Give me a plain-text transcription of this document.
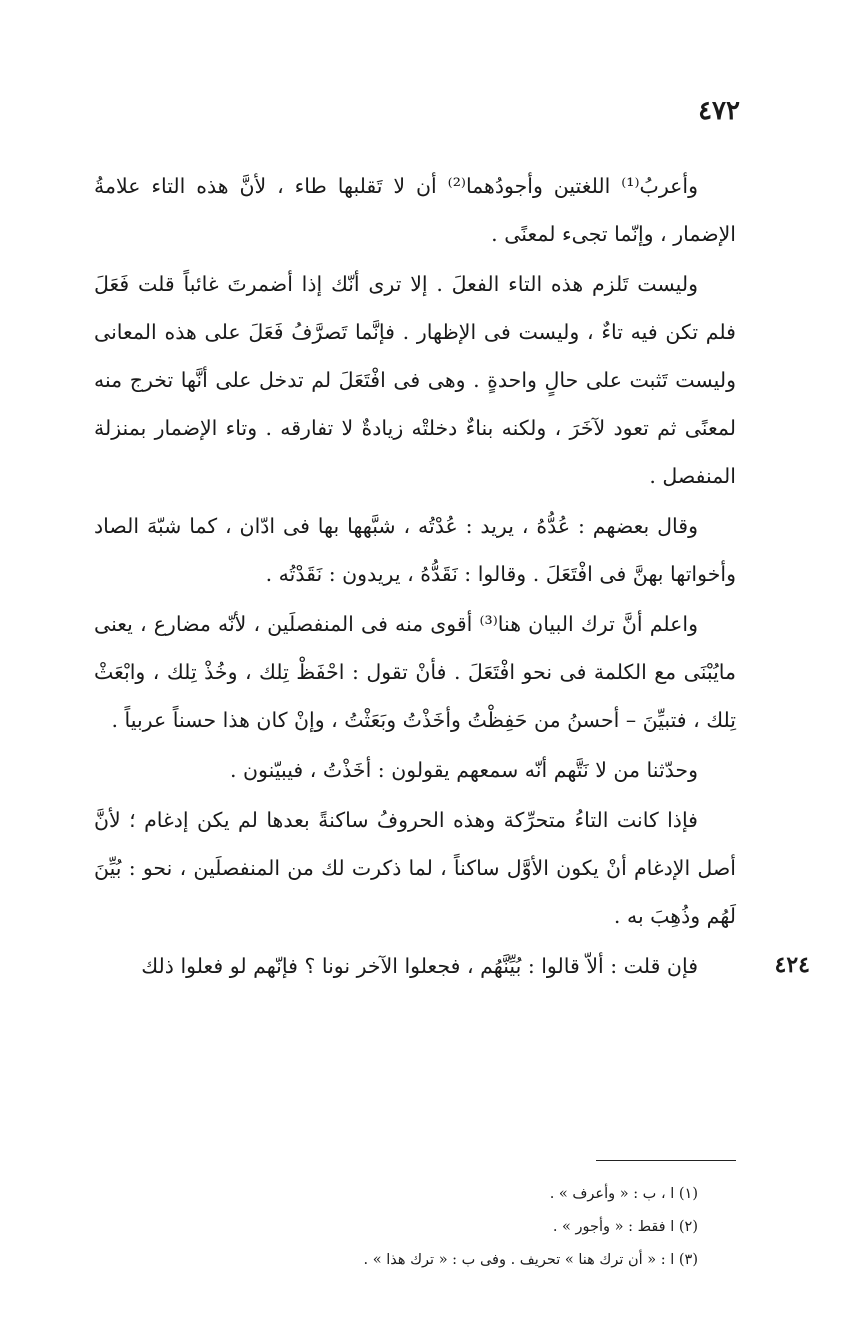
٤٧٢

وأعربُ⁽¹⁾ اللغتين وأجودُهما⁽²⁾ أن لا تَقلبها طاء ، لأنَّ هذه التاء علامةُ الإضمار ، وإنّما تجىء لمعنًى .

وليست تَلزم هذه التاء الفعلَ . إلا ترى أنّك إذا أضمرتَ غائباً قلت فَعَلَ فلم تكن فيه تاءٌ ، وليست فى الإظهار . فإنَّما تَصرَّفُ فَعَلَ على هذه المعانى وليست تَثبت على حالٍ واحدةٍ . وهى فى افْتَعَلَ لم تدخل على أنَّها تخرج منه لمعنًى ثم تعود لآخَرَ ، ولكنه بناءٌ دخلتْه زيادةٌ لا تفارقه . وتاء الإضمار بمنزلة المنفصل .

وقال بعضهم : عُدُّهُ ، يريد : عُدْتُه ، شبَّهها بها فى ادّان ، كما شبّهَ الصاد وأخواتها بهنَّ فى افْتَعَلَ . وقالوا : نَقَدُّهُ ، يريدون : نَقَدْتُه .

واعلم أنَّ ترك البيان هنا⁽³⁾ أقوى منه فى المنفصلَين ، لأنّه مضارع ، يعنى مايُبْنَى مع الكلمة فى نحو افْتَعَلَ . فأنْ تقول : احْفَظْ تِلك ، وخُذْ تِلك ، وابْعَثْ تِلك ، فتبيِّنَ – أحسنُ من حَفِظْتُ وأخَذْتُ وبَعَثْتُ ، وإنْ كان هذا حسناً عربياً .

وحدّثنا من لا نَتَّهم أنّه سمعهم يقولون : أخَذْتُ ، فيبيّنون .

فإذا كانت التاءُ متحرِّكة وهذه الحروفُ ساكنةً بعدها لم يكن إدغام ؛ لأنَّ أصل الإدغام أنْ يكون الأوَّل ساكناً ، لما ذكرت لك من المنفصلَين ، نحو : بُيِّنَ لَهُم وذُهِبَ به .

فإن قلت : ألاّ قالوا : بُيِّنَّهُم ، فجعلوا الآخر نونا ؟ فإنّهم لو فعلوا ذلك	٤٢٤

(١) ا ، ب : « وأعرف » .

(٢) ا فقط : « وأجور » .

(٣) ا : « أن ترك هنا » تحريف . وفى ب : « ترك هذا » .
